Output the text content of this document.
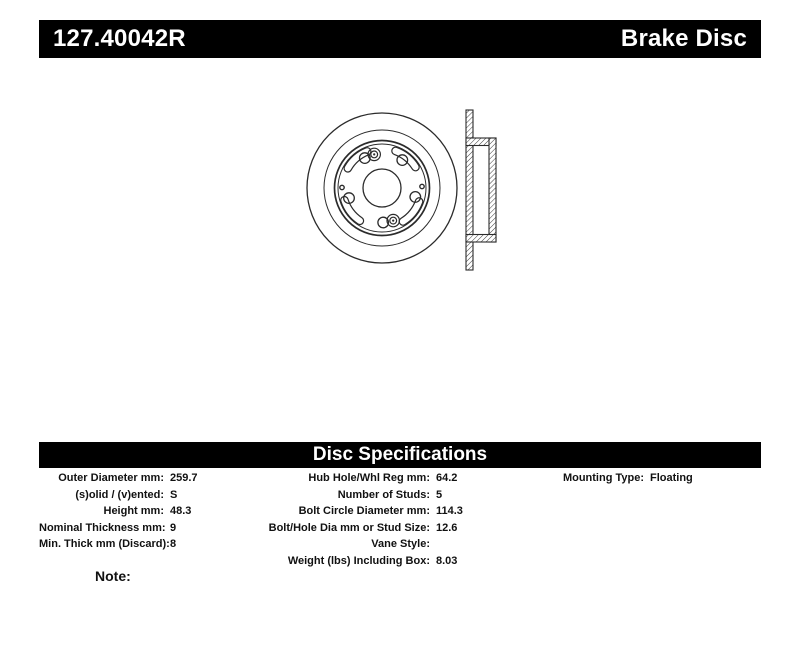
127.40042R	Brake Disc
Disc Specifications
Outer Diameter mm: 259.7
(s)olid / (v)ented: S
Height mm: 48.3
Nominal Thickness mm: 9
Min. Thick mm (Discard): 8
Hub Hole/Whl Reg mm: 64.2
Number of Studs: 5
Bolt Circle Diameter mm: 114.3
Bolt/Hole Dia mm or Stud Size: 12.6
Vane Style:
Weight (lbs) Including Box: 8.03
Mounting Type: Floating
Note:
